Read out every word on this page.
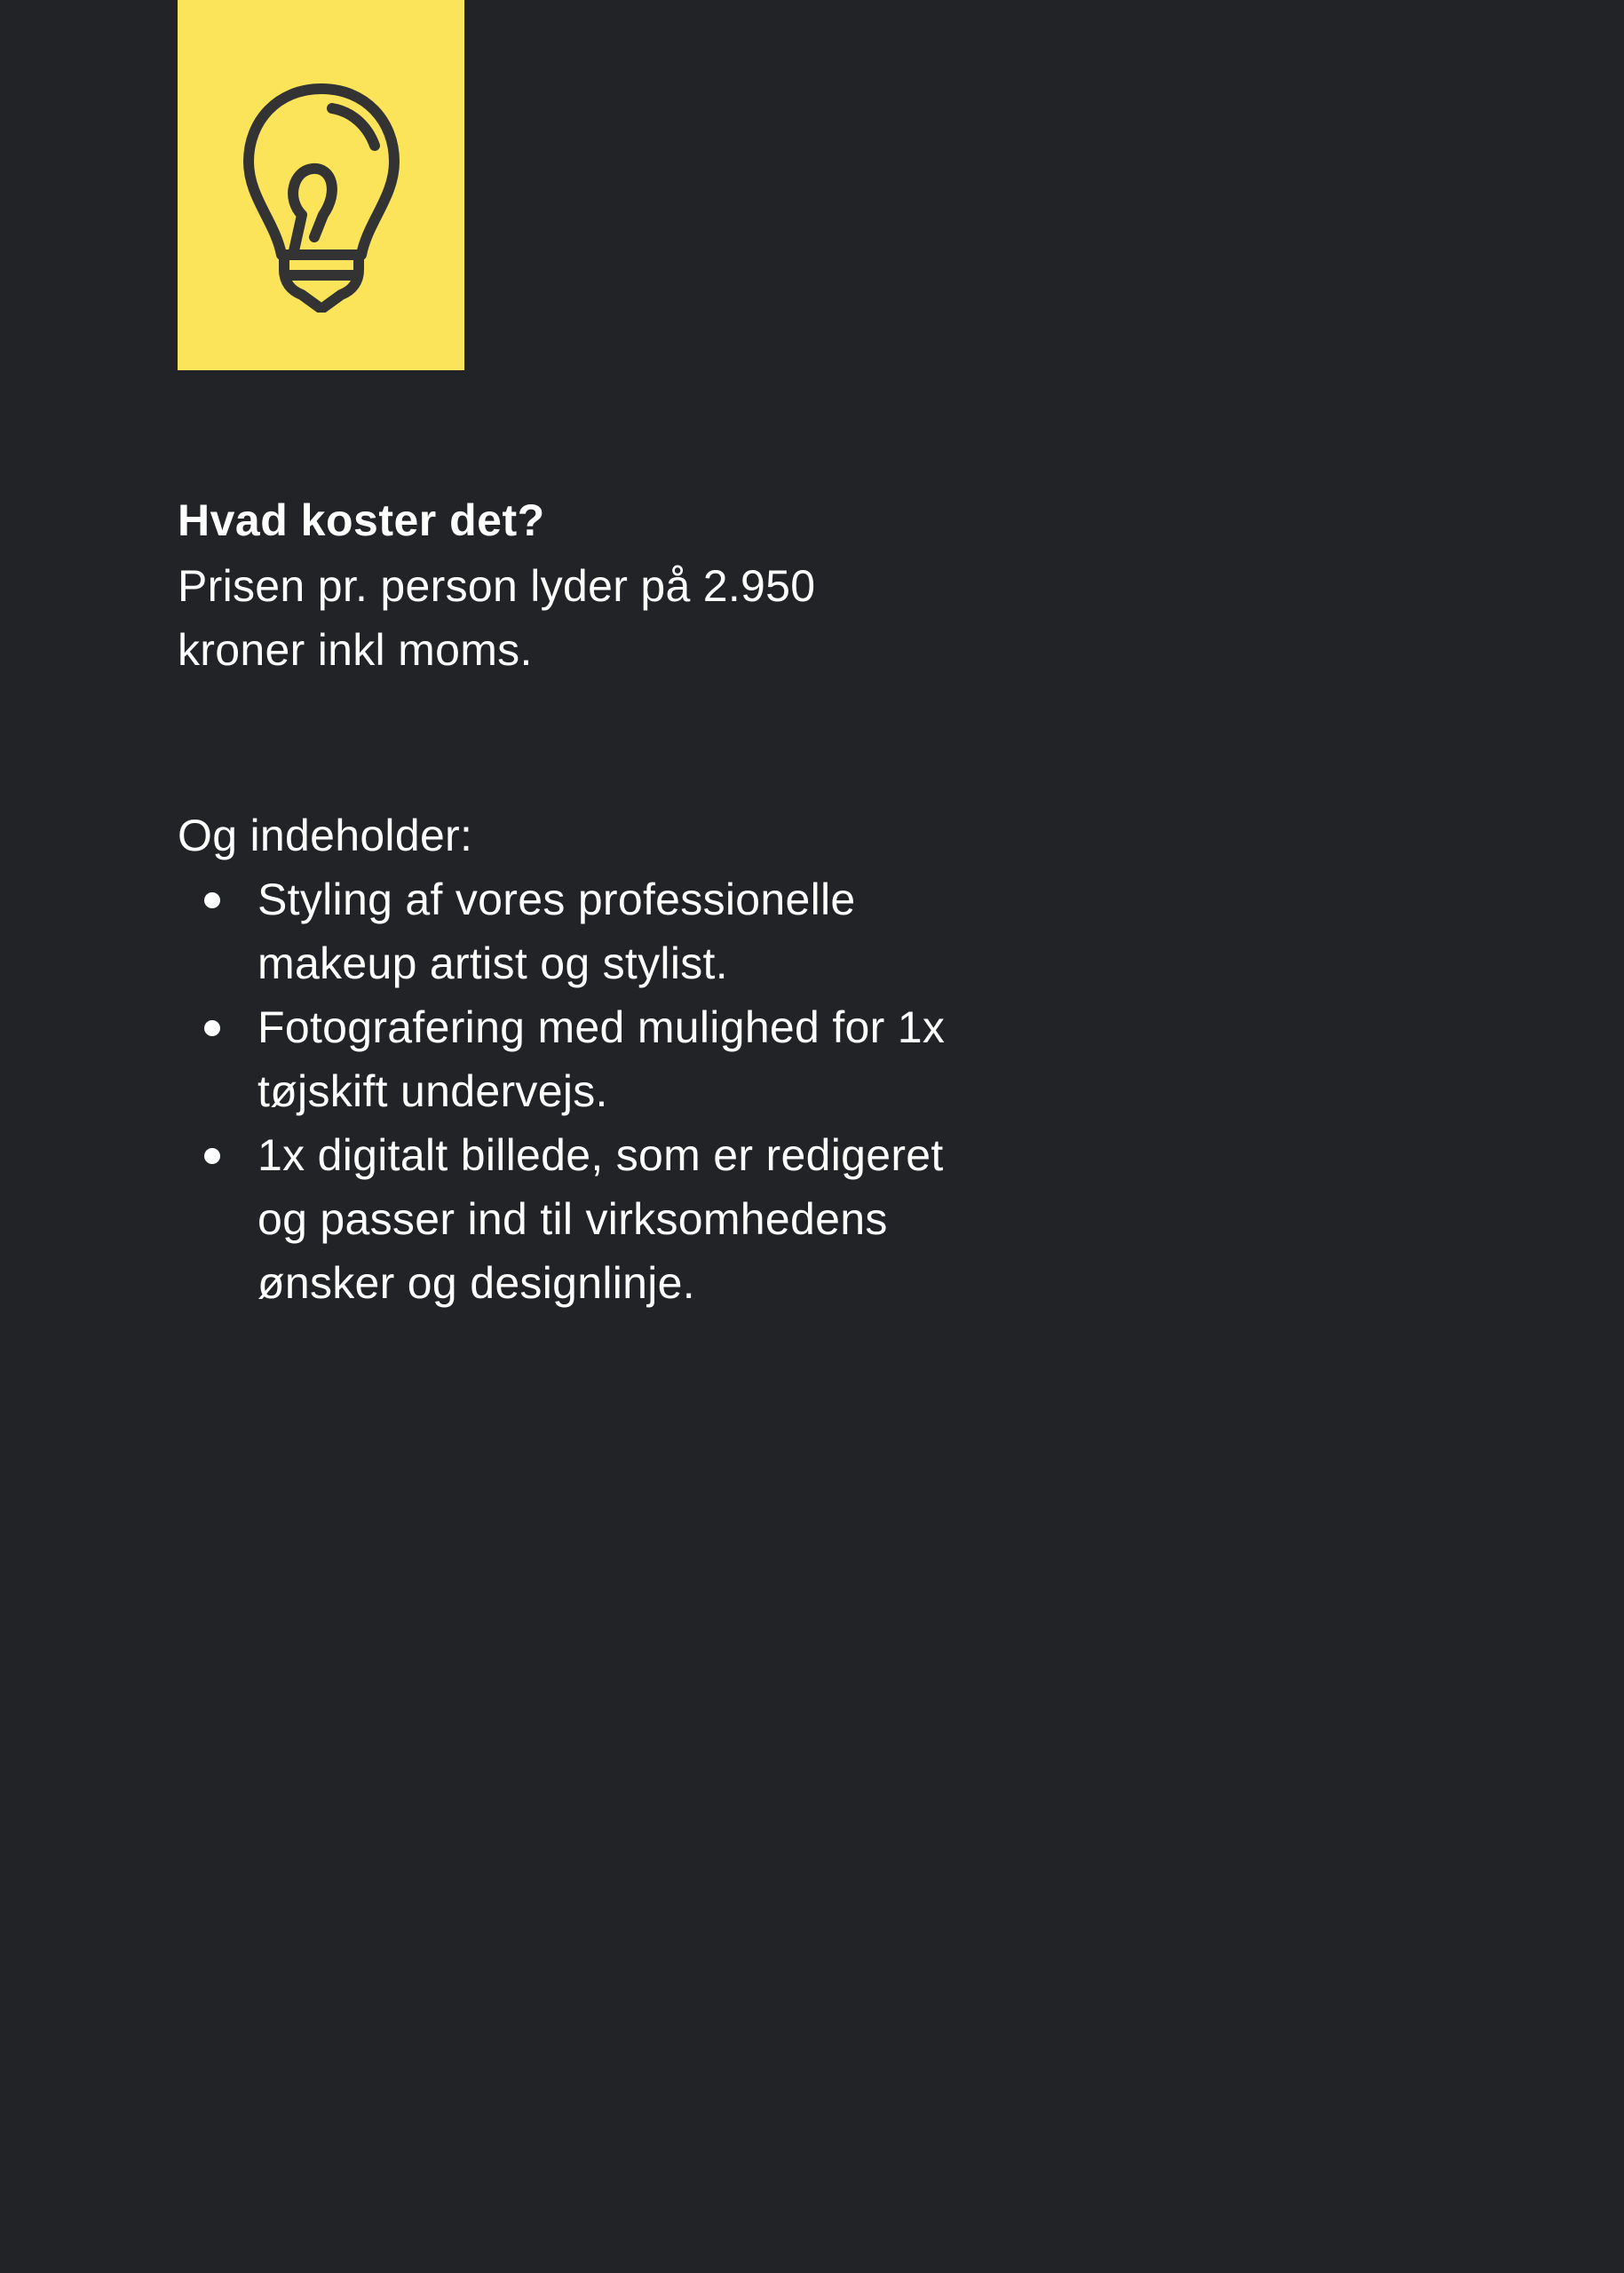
Hvad koster det?

Prisen pr. person lyder på 2.950 kroner inkl moms.

Og indeholder:

Styling af vores professionelle makeup artist og stylist.
Fotografering med mulighed for 1x tøjskift undervejs.
1x digitalt billede, som er redigeret og passer ind til virksomhedens ønsker og designlinje.
